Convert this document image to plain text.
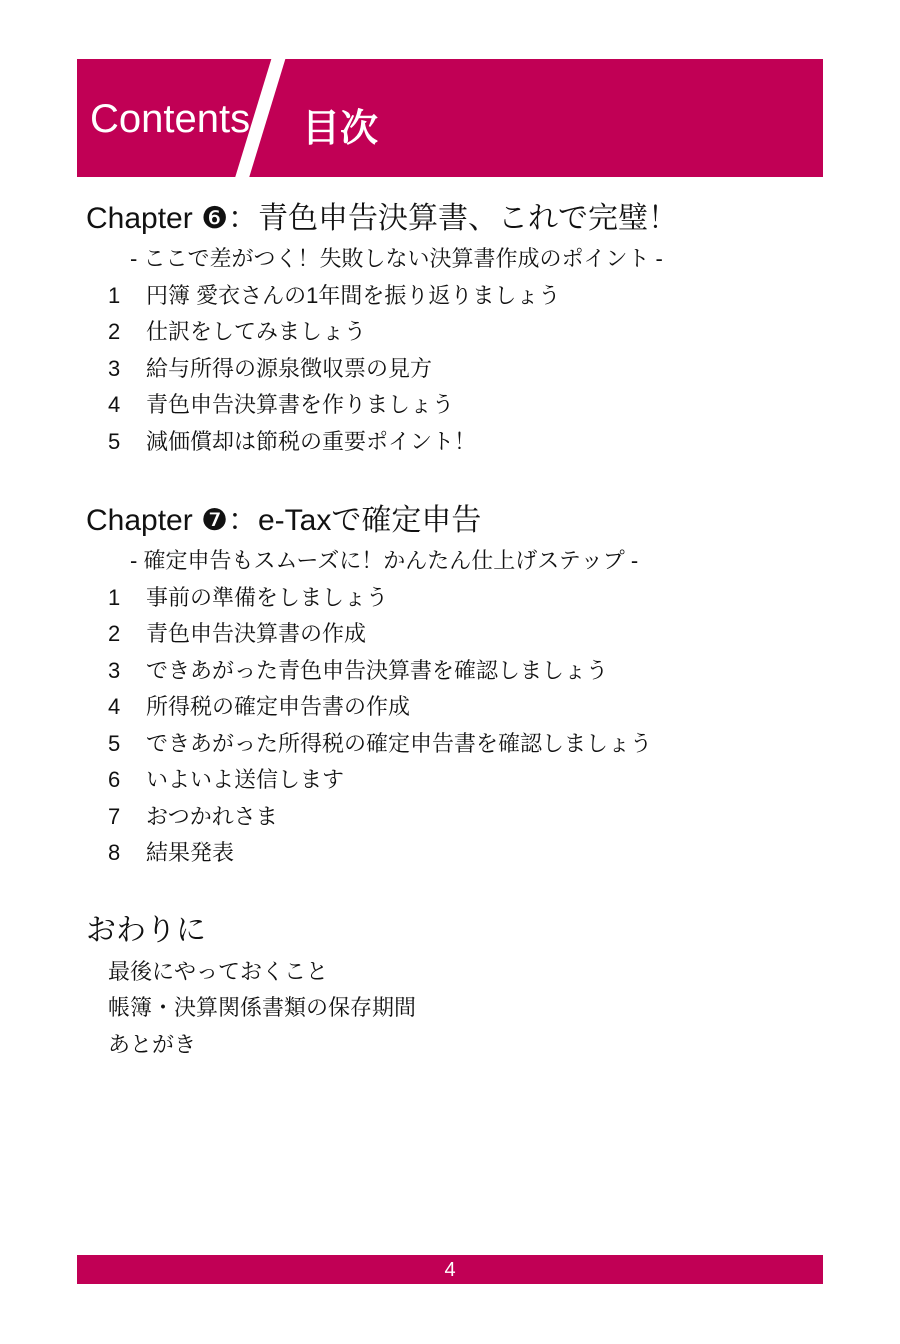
Contents 目次
Chapter ❻：青色申告決算書、これで完璧！
- ここで差がつく！失敗しない決算書作成のポイント -
1 円簿 愛衣さんの1年間を振り返りましょう
2 仕訳をしてみましょう
3 給与所得の源泉徴収票の見方
4 青色申告決算書を作りましょう
5 減価償却は節税の重要ポイント！
Chapter ❼：e-Taxで確定申告
- 確定申告もスムーズに！かんたん仕上げステップ -
1 事前の準備をしましょう
2 青色申告決算書の作成
3 できあがった青色申告決算書を確認しましょう
4 所得税の確定申告書の作成
5 できあがった所得税の確定申告書を確認しましょう
6 いよいよ送信します
7 おつかれさま
8 結果発表
おわりに
最後にやっておくこと
帳簿・決算関係書類の保存期間
あとがき
4
